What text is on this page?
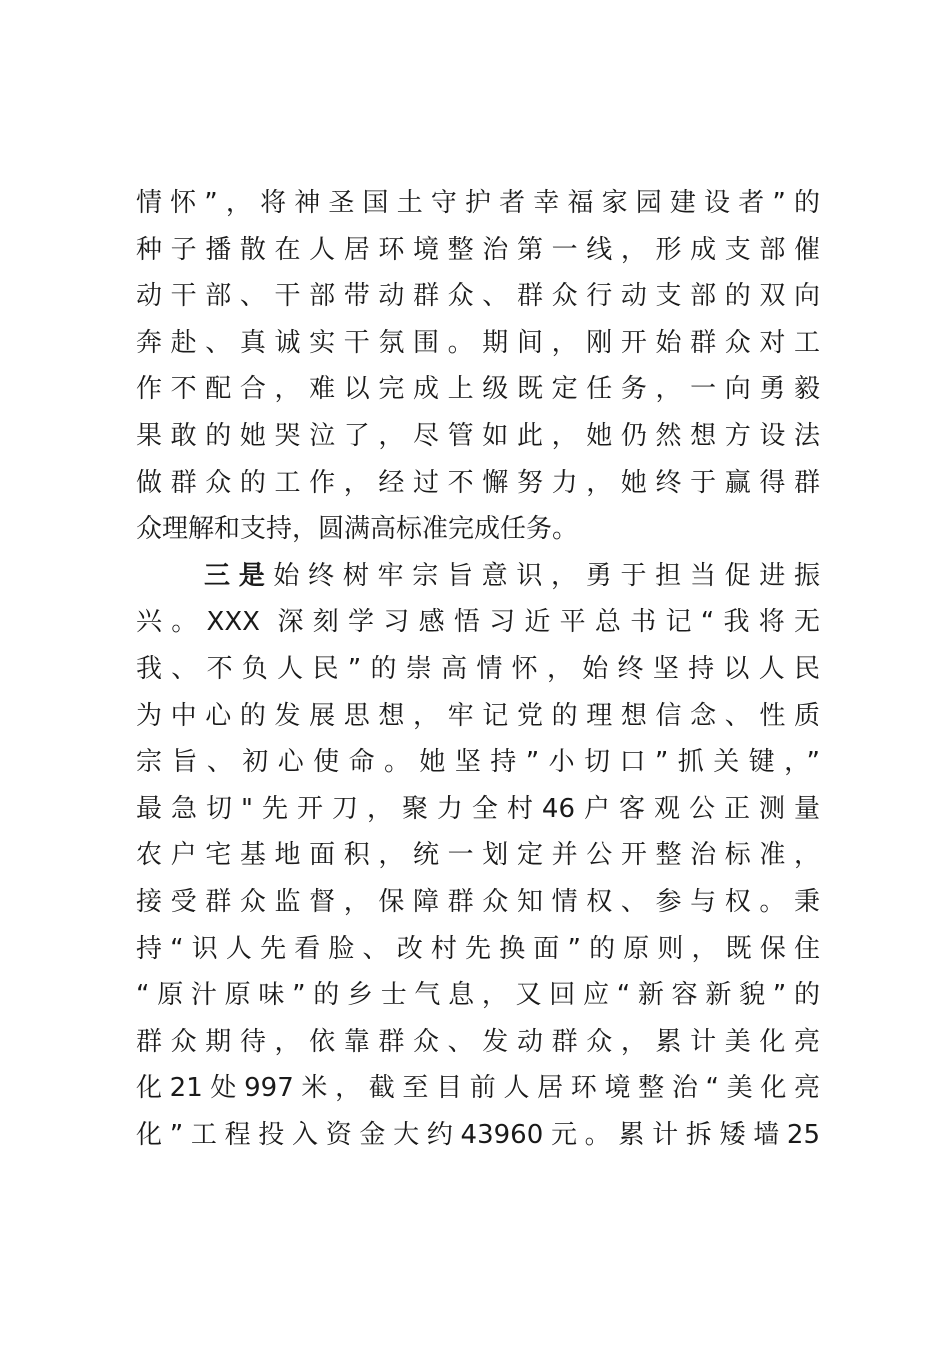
情怀”，将神圣国土守护者幸福家园建设者”的
种子播散在人居环境整治第一线，形成支部催
动干部、干部带动群众、群众行动支部的双向
奔赴、真诚实干氛围。期间，刚开始群众对工
作不配合，难以完成上级既定任务，一向勇毅
果敢的她哭泣了，尽管如此，她仍然想方设法
做群众的工作，经过不懈努力，她终于赢得群
众理解和支持，圆满高标准完成任务。
三是始终树牢宗旨意识，勇于担当促进振
兴。XXX 深刻学习感悟习近平总书记“我将无
我、不负人民”的崇高情怀，始终坚持以人民
为中心的发展思想，牢记党的理想信念、性质
宗旨、初心使命。她坚持”小切口”抓关键，”
最急切"先开刀，聚力全村46户客观公正测量
农户宅基地面积，统一划定并公开整治标准，
接受群众监督，保障群众知情权、参与权。秉
持“识人先看脸、改村先换面”的原则，既保住
“原汁原味”的乡士气息，又回应“新容新貌”的
群众期待，依靠群众、发动群众，累计美化亮
化21处997米，截至目前人居环境整治“美化亮
化”工程投入资金大约43960元。累计拆矮墙25
